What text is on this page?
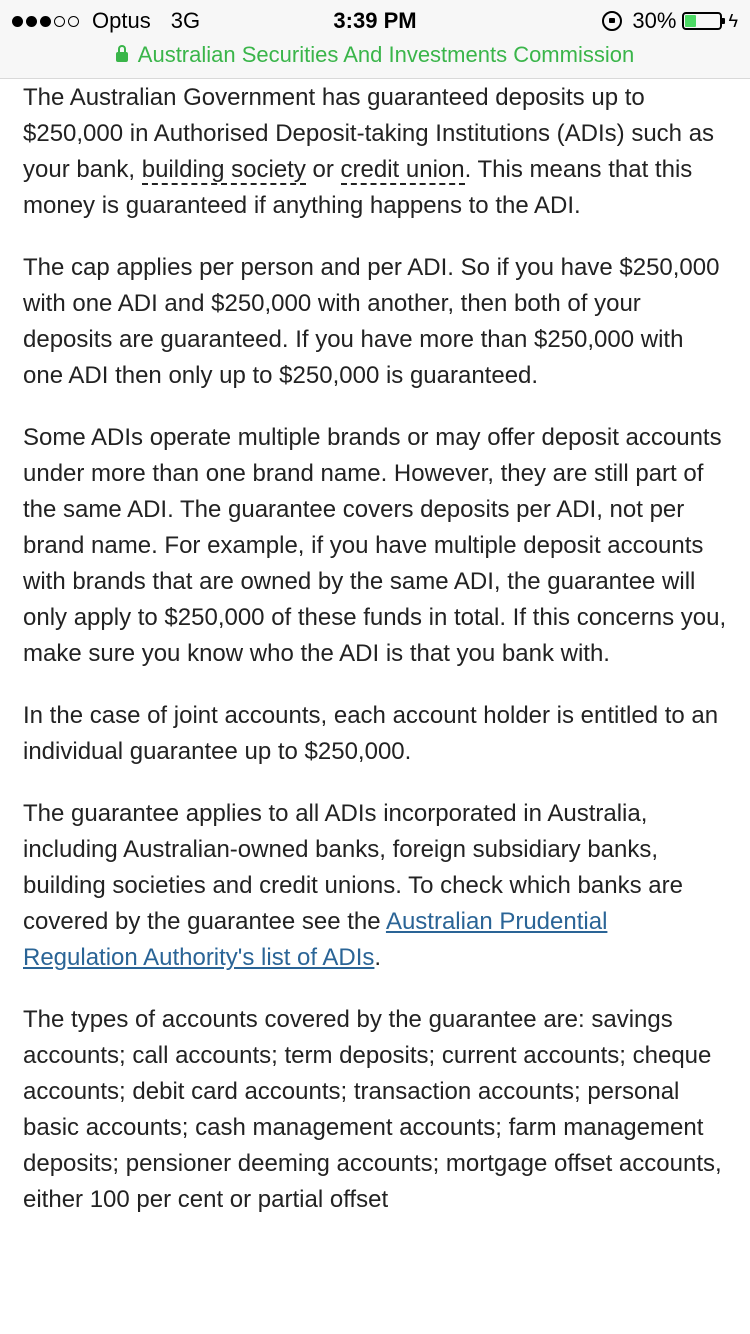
Optus 3G	3:39 PM	30%	ϟ
Australian Securities And Investments Commission

The Australian Government has guaranteed deposits up to $250,000 in Authorised Deposit-taking Institutions (ADIs) such as your bank, building society or credit union. This means that this money is guaranteed if anything happens to the ADI.

The cap applies per person and per ADI. So if you have $250,000 with one ADI and $250,000 with another, then both of your deposits are guaranteed. If you have more than $250,000 with one ADI then only up to $250,000 is guaranteed.

Some ADIs operate multiple brands or may offer deposit accounts under more than one brand name. However, they are still part of the same ADI. The guarantee covers deposits per ADI, not per brand name. For example, if you have multiple deposit accounts with brands that are owned by the same ADI, the guarantee will only apply to $250,000 of these funds in total. If this concerns you, make sure you know who the ADI is that you bank with.

In the case of joint accounts, each account holder is entitled to an individual guarantee up to $250,000.

The guarantee applies to all ADIs incorporated in Australia, including Australian-owned banks, foreign subsidiary banks, building societies and credit unions. To check which banks are covered by the guarantee see the Australian Prudential Regulation Authority's list of ADIs.

The types of accounts covered by the guarantee are: savings accounts; call accounts; term deposits; current accounts; cheque accounts; debit card accounts; transaction accounts; personal basic accounts; cash management accounts; farm management deposits; pensioner deeming accounts; mortgage offset accounts, either 100 per cent or partial offset
